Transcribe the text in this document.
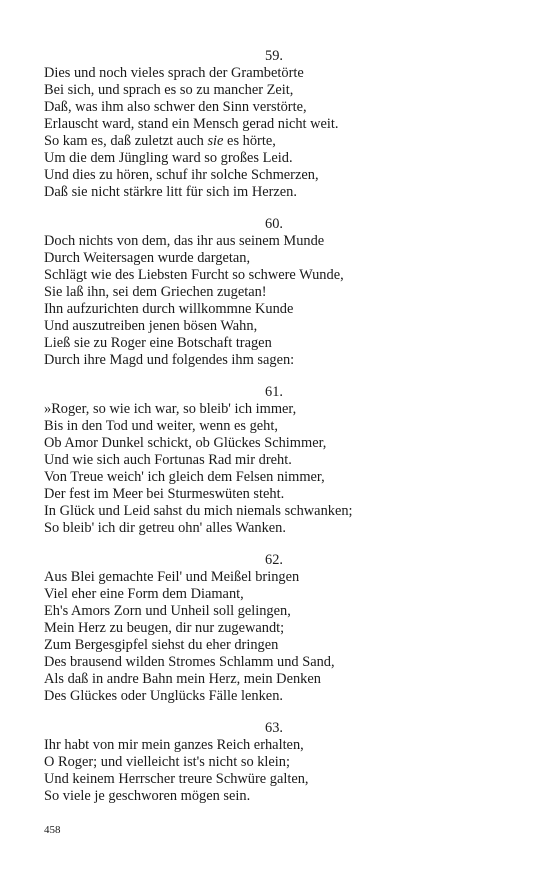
59.
Dies und noch vieles sprach der Grambetörte
Bei sich, und sprach es so zu mancher Zeit,
Daß, was ihm also schwer den Sinn verstörte,
Erlauscht ward, stand ein Mensch gerad nicht weit.
So kam es, daß zuletzt auch sie es hörte,
Um die dem Jüngling ward so großes Leid.
Und dies zu hören, schuf ihr solche Schmerzen,
Daß sie nicht stärkre litt für sich im Herzen.
60.
Doch nichts von dem, das ihr aus seinem Munde
Durch Weitersagen wurde dargetan,
Schlägt wie des Liebsten Furcht so schwere Wunde,
Sie laß ihn, sei dem Griechen zugetan!
Ihn aufzurichten durch willkommne Kunde
Und auszutreiben jenen bösen Wahn,
Ließ sie zu Roger eine Botschaft tragen
Durch ihre Magd und folgendes ihm sagen:
61.
»Roger, so wie ich war, so bleib' ich immer,
Bis in den Tod und weiter, wenn es geht,
Ob Amor Dunkel schickt, ob Glückes Schimmer,
Und wie sich auch Fortunas Rad mir dreht.
Von Treue weich' ich gleich dem Felsen nimmer,
Der fest im Meer bei Sturmeswüten steht.
In Glück und Leid sahst du mich niemals schwanken;
So bleib' ich dir getreu ohn' alles Wanken.
62.
Aus Blei gemachte Feil' und Meißel bringen
Viel eher eine Form dem Diamant,
Eh's Amors Zorn und Unheil soll gelingen,
Mein Herz zu beugen, dir nur zugewandt;
Zum Bergesgipfel siehst du eher dringen
Des brausend wilden Stromes Schlamm und Sand,
Als daß in andre Bahn mein Herz, mein Denken
Des Glückes oder Unglücks Fälle lenken.
63.
Ihr habt von mir mein ganzes Reich erhalten,
O Roger; und vielleicht ist's nicht so klein;
Und keinem Herrscher treure Schwüre galten,
So viele je geschworen mögen sein.
458
